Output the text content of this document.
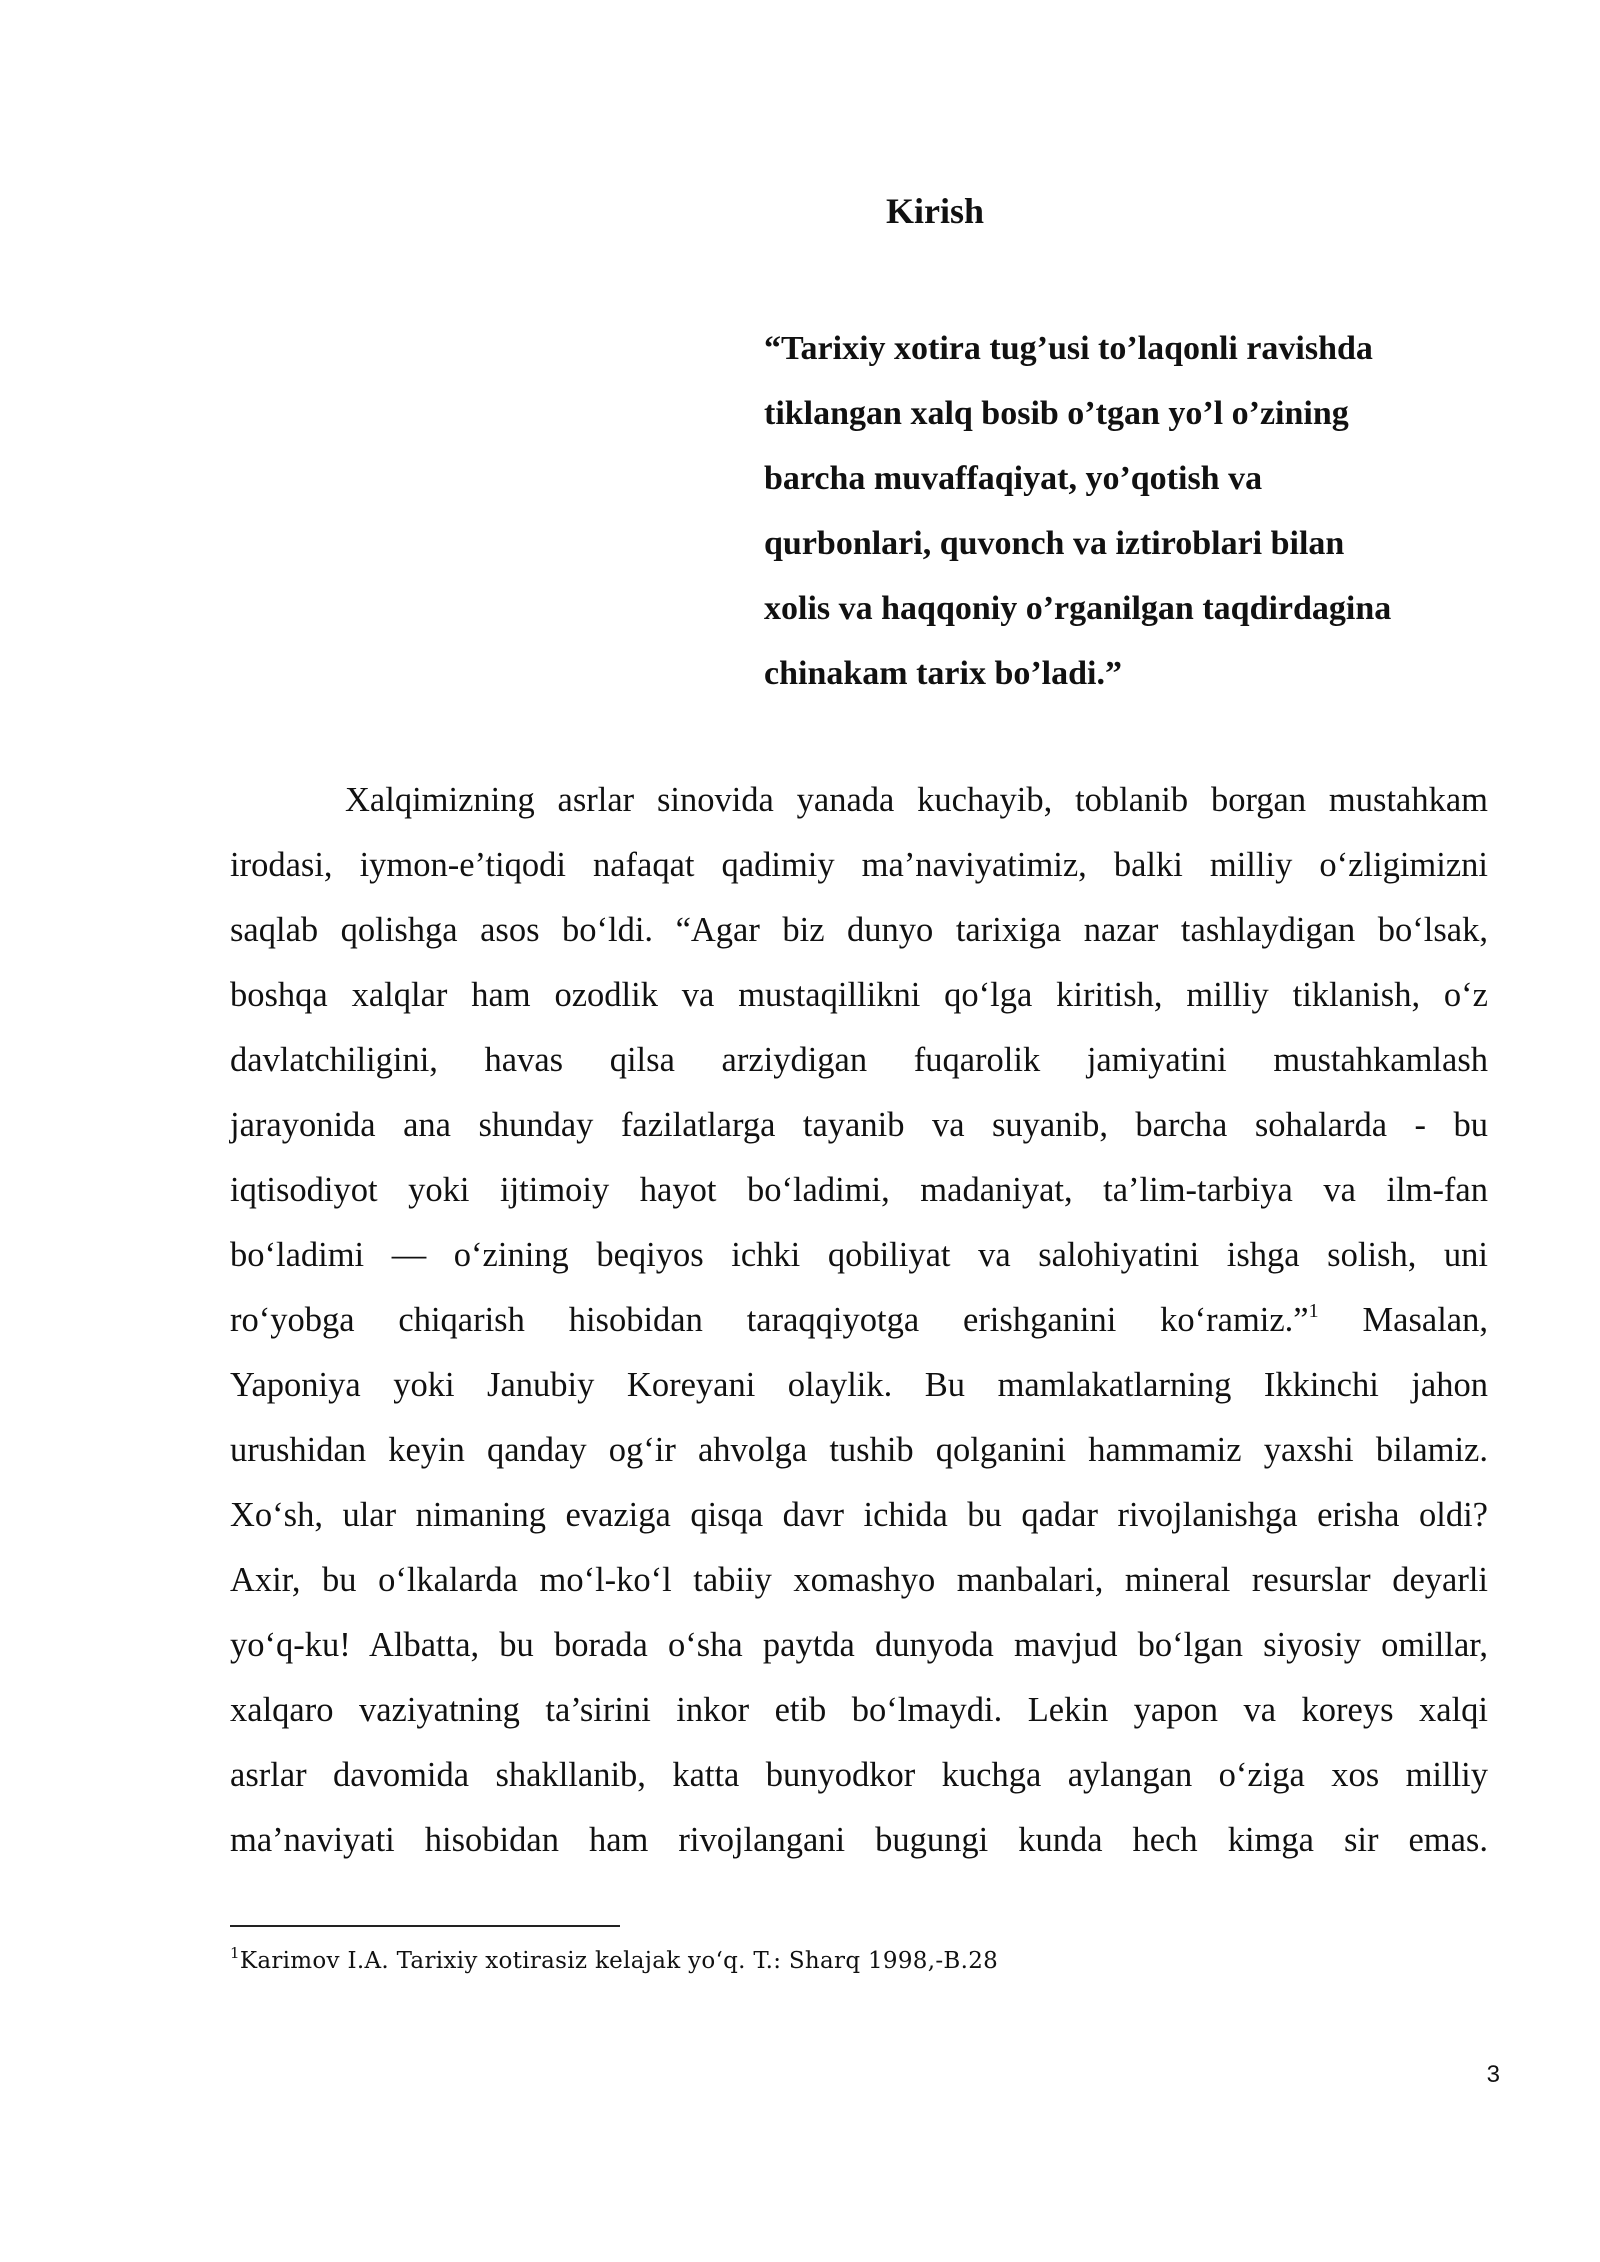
Kirish
“Tarixiy xotira tug’usi to’laqonli ravishda
tiklangan xalq bosib o’tgan yo’l o’zining
barcha muvaffaqiyat, yo’qotish va
qurbonlari, quvonch va iztiroblari bilan
xolis va haqqoniy o’rganilgan taqdirdagina
chinakam tarix bo’ladi.”
Xalqimizning asrlar sinovida yanada kuchayib, toblanib borgan mustahkam
irodasi, iymon-e’tiqodi nafaqat qadimiy ma’naviyatimiz, balki milliy o‘zligimizni
saqlab qolishga asos bo‘ldi. “Agar biz dunyo tarixiga nazar tashlaydigan bo‘lsak,
boshqa xalqlar ham ozodlik va mustaqillikni qo‘lga kiritish, milliy tiklanish, o‘z
davlatchiligini, havas qilsa arziydigan fuqarolik jamiyatini mustahkamlash
jarayonida ana shunday fazilatlarga tayanib va suyanib, barcha sohalarda - bu
iqtisodiyot yoki ijtimoiy hayot bo‘ladimi, madaniyat, ta’lim-tarbiya va ilm-fan
bo‘ladimi — o‘zining beqiyos ichki qobiliyat va salohiyatini ishga solish, uni
ro‘yobga chiqarish hisobidan taraqqiyotga erishganini ko‘ramiz.”$^1$ Masalan,
Yaponiya yoki Janubiy Koreyani olaylik. Bu mamlakatlarning Ikkinchi jahon
urushidan keyin qanday og‘ir ahvolga tushib qolganini hammamiz yaxshi bilamiz.
Xo‘sh, ular nimaning evaziga qisqa davr ichida bu qadar rivojlanishga erisha oldi?
Axir, bu o‘lkalarda mo‘l-ko‘l tabiiy xomashyo manbalari, mineral resurslar deyarli
yo‘q-ku! Albatta, bu borada o‘sha paytda dunyoda mavjud bo‘lgan siyosiy omillar,
xalqaro vaziyatning ta’sirini inkor etib bo‘lmaydi. Lekin yapon va koreys xalqi
asrlar davomida shakllanib, katta bunyodkor kuchga aylangan o‘ziga xos milliy
ma’naviyati hisobidan ham rivojlangani bugungi kunda hech kimga sir emas.
$^1$Karimov I.A. Tarixiy xotirasiz kelajak yo‘q. T.: Sharq 1998,-B.28
3
